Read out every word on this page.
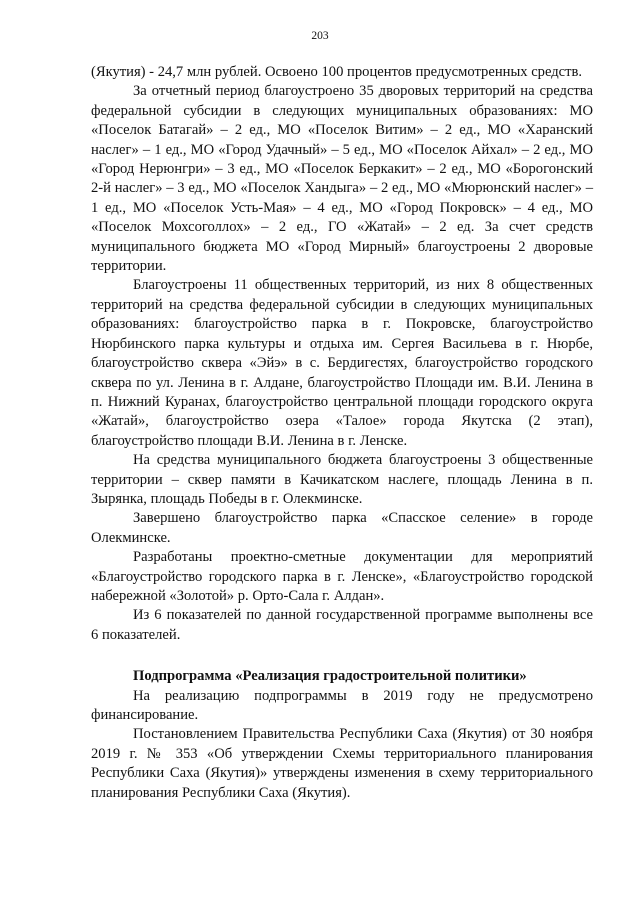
203

(Якутия) - 24,7 млн рублей. Освоено 100 процентов предусмотренных средств.

За отчетный период благоустроено 35 дворовых территорий на средства федеральной субсидии в следующих муниципальных образованиях: МО «Поселок Батагай» – 2 ед., МО «Поселок Витим» – 2 ед., МО «Харанский наслег» – 1 ед., МО «Город Удачный» – 5 ед., МО «Поселок Айхал» – 2 ед., МО «Город Нерюнгри» – 3 ед., МО «Поселок Беркакит» – 2 ед., МО «Борогонский 2-й наслег» – 3 ед., МО «Поселок Хандыга» – 2 ед., МО «Мюрюнский наслег» – 1 ед., МО «Поселок Усть-Мая» – 4 ед., МО «Город Покровск» – 4 ед., МО «Поселок Мохсоголлох» – 2 ед., ГО «Жатай» – 2 ед. За счет средств муниципального бюджета МО «Город Мирный» благоустроены 2 дворовые территории.

Благоустроены 11 общественных территорий, из них 8 общественных территорий на средства федеральной субсидии в следующих муниципальных образованиях: благоустройство парка в г. Покровске, благоустройство Нюрбинского парка культуры и отдыха им. Сергея Васильева в г. Нюрбе, благоустройство сквера «Эйэ» в с. Бердигестях, благоустройство городского сквера по ул. Ленина в г. Алдане, благоустройство Площади им. В.И. Ленина в п. Нижний Куранах, благоустройство центральной площади городского округа «Жатай», благоустройство озера «Талое» города Якутска (2 этап), благоустройство площади В.И. Ленина в г. Ленске.

На средства муниципального бюджета благоустроены 3 общественные территории – сквер памяти в Качикатском наслеге, площадь Ленина в п. Зырянка, площадь Победы в г. Олекминске.

Завершено благоустройство парка «Спасское селение» в городе Олекминске.

Разработаны проектно-сметные документации для мероприятий «Благоустройство городского парка в г. Ленске», «Благоустройство городской набережной «Золотой» р. Орто-Сала г. Алдан».

Из 6 показателей по данной государственной программе выполнены все 6 показателей.

Подпрограмма «Реализация градостроительной политики»

На реализацию подпрограммы в 2019 году не предусмотрено финансирование.

Постановлением Правительства Республики Саха (Якутия) от 30 ноября 2019 г. № 353 «Об утверждении Схемы территориального планирования Республики Саха (Якутия)» утверждены изменения в схему территориального планирования Республики Саха (Якутия).
